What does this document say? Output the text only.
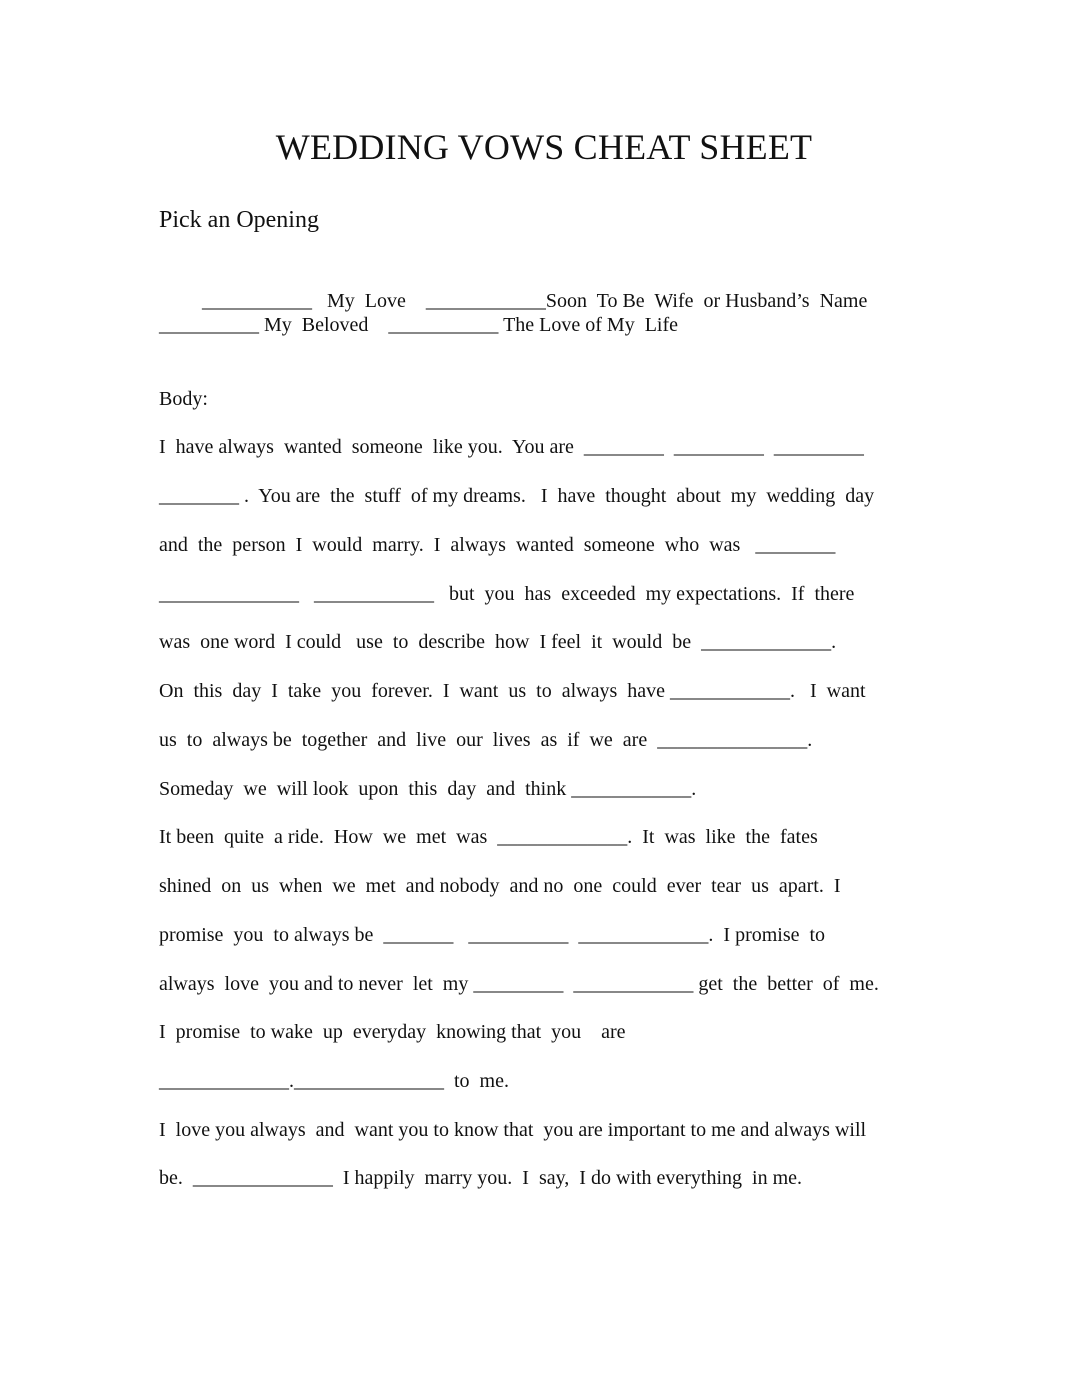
WEDDING VOWS CHEAT SHEET
Pick an Opening
___________   My  Love    ____________Soon  To Be  Wife  or Husband’s  Name
__________ My  Beloved    ___________ The Love of My  Life
Body:
I  have always  wanted  someone  like you.  You are  ________  _________  _________
________ .  You are  the  stuff  of my dreams.   I  have  thought  about  my  wedding  day
and  the  person  I  would  marry.  I  always  wanted  someone  who  was   ________
______________   ____________   but  you  has  exceeded  my expectations.  If  there
was  one word  I could   use  to  describe  how  I feel  it  would  be  _____________.
On  this  day  I  take  you  forever.  I  want  us  to  always  have ____________.   I  want
us  to  always be  together  and  live  our  lives  as  if  we  are  _______________.
Someday  we  will look  upon  this  day  and  think ____________.
It been  quite  a ride.  How  we  met  was  _____________.  It  was  like  the  fates
shined  on  us  when  we  met  and nobody  and no  one  could  ever  tear  us  apart.  I
promise  you  to always be  _______   __________  _____________.  I promise  to
always  love  you and to never  let  my _________  ____________ get  the  better  of  me.
I  promise  to wake  up  everyday  knowing that  you    are
_____________._______________  to  me.
I  love you always  and  want you to know that  you are important to me and always will
be.  ______________  I happily  marry you.  I  say,  I do with everything  in me.
